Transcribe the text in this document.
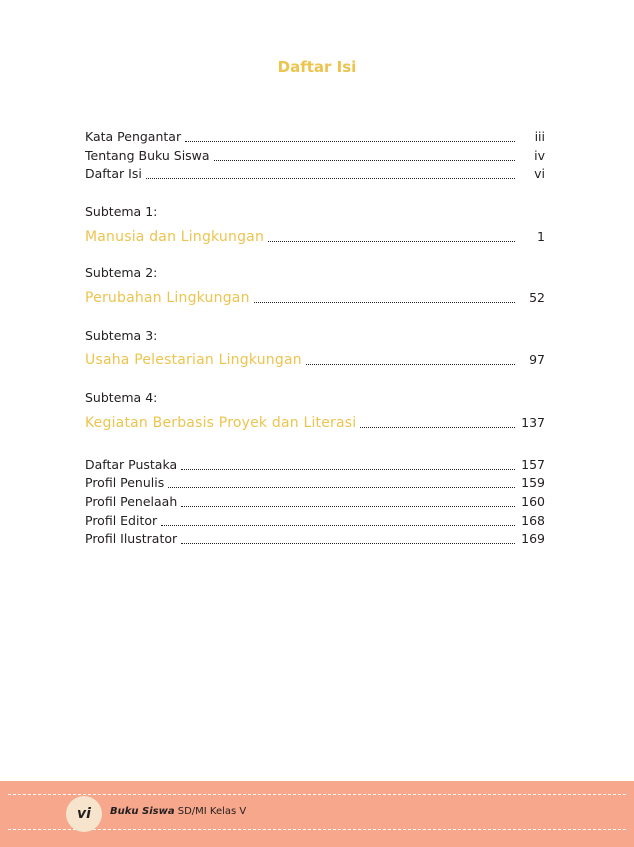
Daftar Isi
Kata Pengantar	iii
Tentang Buku Siswa	iv
Daftar Isi	vi
Subtema 1:
Manusia dan Lingkungan	1
Subtema 2:
Perubahan Lingkungan	52
Subtema 3:
Usaha Pelestarian Lingkungan	97
Subtema 4:
Kegiatan Berbasis Proyek dan Literasi	137
Daftar Pustaka	157
Profil Penulis	159
Profil Penelaah	160
Profil Editor	168
Profil Ilustrator	169
vi Buku Siswa SD/MI Kelas V
